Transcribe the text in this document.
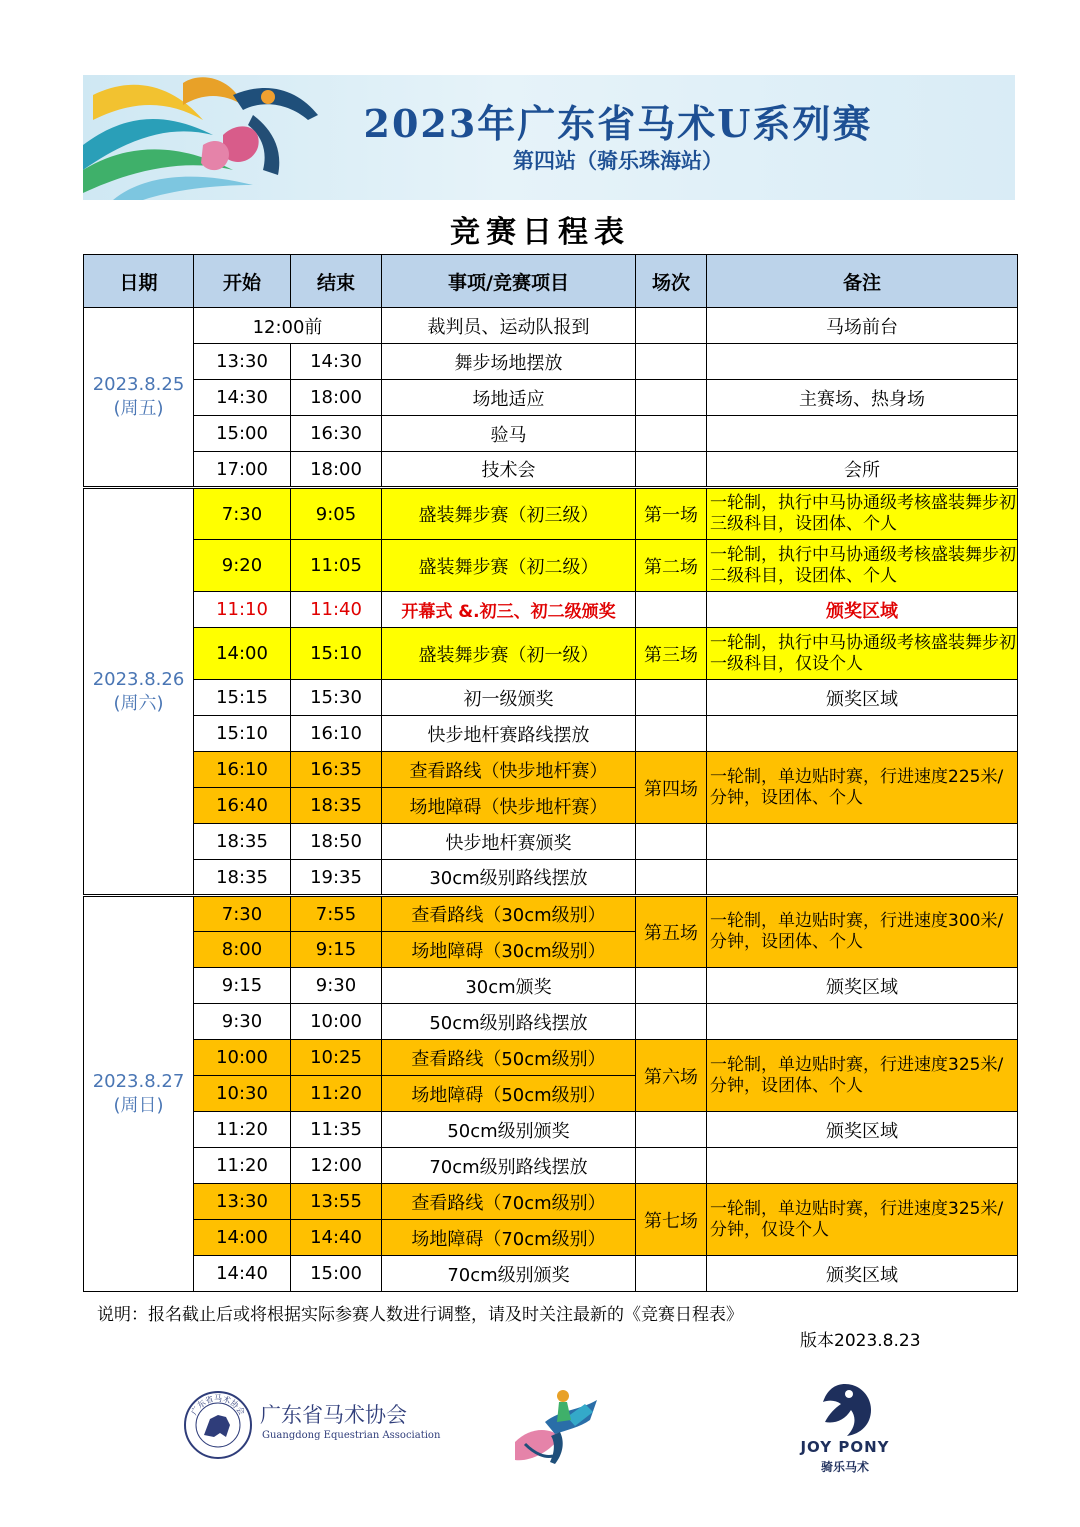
2023年广东省马术U系列赛
第四站（骑乐珠海站）
竞赛日程表
日期	开始	结束	事项/竞赛项目	场次	备注
2023.8.25
(周五)	12:00前		裁判员、运动队报到		马场前台
	13:30	14:30	舞步场地摆放		
	14:30	18:00	场地适应		主赛场、热身场
	15:00	16:30	验马		
	17:00	18:00	技术会		会所
2023.8.26
(周六)	7:30	9:05	盛装舞步赛（初三级）	第一场	一轮制，执行中马协通级考核盛装舞步初三级科目，设团体、个人
	9:20	11:05	盛装舞步赛（初二级）	第二场	一轮制，执行中马协通级考核盛装舞步初二级科目，设团体、个人
	11:10	11:40	开幕式 &.初三、初二级颁奖		颁奖区域
	14:00	15:10	盛装舞步赛（初一级）	第三场	一轮制，执行中马协通级考核盛装舞步初一级科目，仅设个人
	15:15	15:30	初一级颁奖		颁奖区域
	15:10	16:10	快步地杆赛路线摆放		
	16:10	16:35	查看路线（快步地杆赛）	第四场	一轮制，单边贴时赛，行进速度225米/分钟，设团体、个人
	16:40	18:35	场地障碍（快步地杆赛）		
	18:35	18:50	快步地杆赛颁奖		
	18:35	19:35	30cm级别路线摆放		
2023.8.27
(周日)	7:30	7:55	查看路线（30cm级别）	第五场	一轮制，单边贴时赛，行进速度300米/分钟，设团体、个人
	8:00	9:15	场地障碍（30cm级别）		
	9:15	9:30	30cm颁奖		颁奖区域
	9:30	10:00	50cm级别路线摆放		
	10:00	10:25	查看路线（50cm级别）	第六场	一轮制，单边贴时赛，行进速度325米/分钟，设团体、个人
	10:30	11:20	场地障碍（50cm级别）		
	11:20	11:35	50cm级别颁奖		颁奖区域
	11:20	12:00	70cm级别路线摆放		
	13:30	13:55	查看路线（70cm级别）	第七场	一轮制，单边贴时赛，行进速度325米/分钟，仅设个人
	14:00	14:40	场地障碍（70cm级别）		
	14:40	15:00	70cm级别颁奖		颁奖区域
说明：报名截止后或将根据实际参赛人数进行调整，请及时关注最新的《竞赛日程表》
版本2023.8.23
广东省马术协会 广东省马术协会
Guangdong Equestrian Association
JOY PONY
骑乐马术
